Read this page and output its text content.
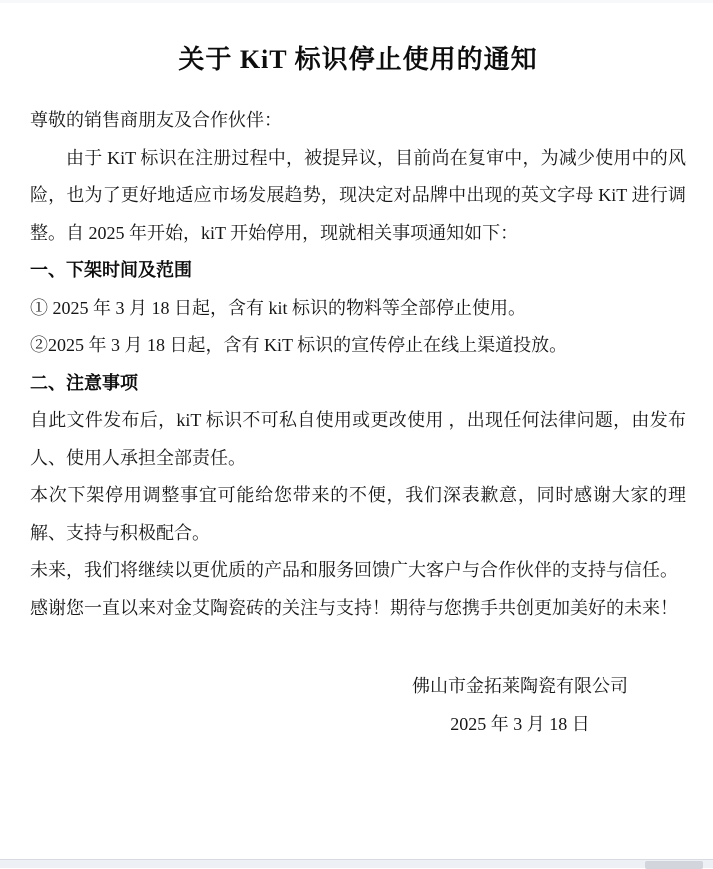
关于 KiT 标识停止使用的通知

尊敬的销售商朋友及合作伙伴：

由于 KiT 标识在注册过程中，被提异议，目前尚在复审中，为减少使用中的风险，也为了更好地适应市场发展趋势，现决定对品牌中出现的英文字母 KiT 进行调整。自 2025 年开始，kiT 开始停用，现就相关事项通知如下：

一、下架时间及范围

① 2025 年 3 月 18 日起，含有 kit 标识的物料等全部停止使用。

②2025 年 3 月 18 日起，含有 KiT 标识的宣传停止在线上渠道投放。

二、注意事项

自此文件发布后，kiT 标识不可私自使用或更改使用 ，出现任何法律问题，由发布人、使用人承担全部责任。

本次下架停用调整事宜可能给您带来的不便，我们深表歉意，同时感谢大家的理解、支持与积极配合。

未来，我们将继续以更优质的产品和服务回馈广大客户与合作伙伴的支持与信任。

感谢您一直以来对金艾陶瓷砖的关注与支持！期待与您携手共创更加美好的未来！

佛山市金拓莱陶瓷有限公司
2025 年 3 月 18 日
